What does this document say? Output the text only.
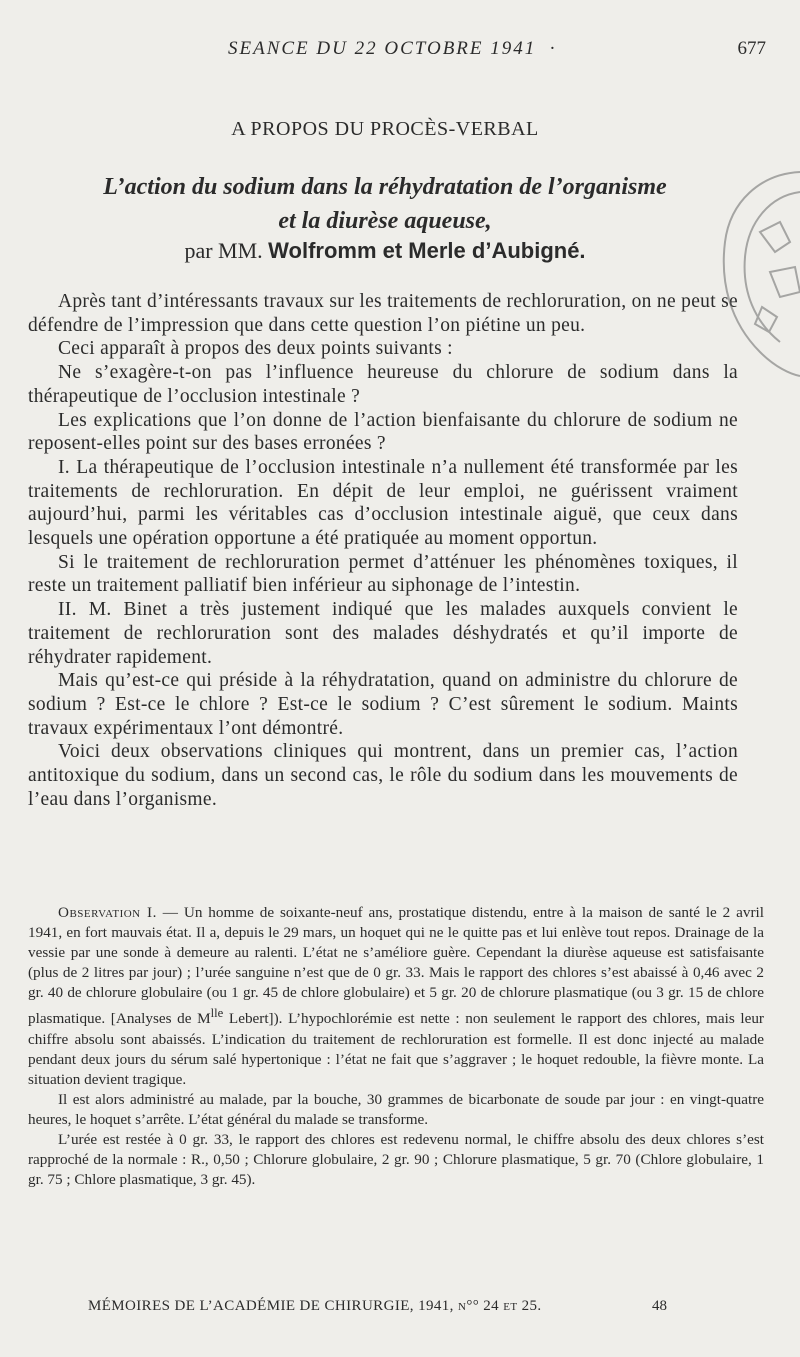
SEANCE DU 22 OCTOBRE 1941 ·	677
A PROPOS DU PROCÈS-VERBAL
L’action du sodium dans la réhydratation de l’organisme
et la diurèse aqueuse,
par MM. Wolfromm et Merle d’Aubigné.

Après tant d’intéressants travaux sur les traitements de rechloruration, on ne peut se défendre de l’impression que dans cette question l’on piétine un peu.

Ceci apparaît à propos des deux points suivants :

Ne s’exagère-t-on pas l’influence heureuse du chlorure de sodium dans la thérapeutique de l’occlusion intestinale ?

Les explications que l’on donne de l’action bienfaisante du chlorure de sodium ne reposent-elles point sur des bases erronées ?

I. La thérapeutique de l’occlusion intestinale n’a nullement été transformée par les traitements de rechloruration. En dépit de leur emploi, ne guérissent vraiment aujourd’hui, parmi les véritables cas d’occlusion intestinale aiguë, que ceux dans lesquels une opération opportune a été pratiquée au moment opportun.

Si le traitement de rechloruration permet d’atténuer les phénomènes toxiques, il reste un traitement palliatif bien inférieur au siphonage de l’intestin.

II. M. Binet a très justement indiqué que les malades auxquels convient le traitement de rechloruration sont des malades déshydratés et qu’il importe de réhydrater rapidement.

Mais qu’est-ce qui préside à la réhydratation, quand on administre du chlorure de sodium ? Est-ce le chlore ? Est-ce le sodium ? C’est sûrement le sodium. Maints travaux expérimentaux l’ont démontré.

Voici deux observations cliniques qui montrent, dans un premier cas, l’action antitoxique du sodium, dans un second cas, le rôle du sodium dans les mouvements de l’eau dans l’organisme.

Observation I. — Un homme de soixante-neuf ans, prostatique distendu, entre à la maison de santé le 2 avril 1941, en fort mauvais état. Il a, depuis le 29 mars, un hoquet qui ne le quitte pas et lui enlève tout repos. Drainage de la vessie par une sonde à demeure au ralenti. L’état ne s’améliore guère. Cependant la diurèse aqueuse est satisfaisante (plus de 2 litres par jour) ; l’urée sanguine n’est que de 0 gr. 33. Mais le rapport des chlores s’est abaissé à 0,46 avec 2 gr. 40 de chlorure globulaire (ou 1 gr. 45 de chlore globulaire) et 5 gr. 20 de chlorure plasmatique (ou 3 gr. 15 de chlore plasmatique. [Analyses de $M^{lle}$ Lebert]). L’hypochlorémie est nette : non seulement le rapport des chlores, mais leur chiffre absolu sont abaissés. L’indication du traitement de rechloruration est formelle. Il est donc injecté au malade pendant deux jours du sérum salé hypertonique : l’état ne fait que s’aggraver ; le hoquet redouble, la fièvre monte. La situation devient tragique.

Il est alors administré au malade, par la bouche, 30 grammes de bicarbonate de soude par jour : en vingt-quatre heures, le hoquet s’arrête. L’état général du malade se transforme.

L’urée est restée à 0 gr. 33, le rapport des chlores est redevenu normal, le chiffre absolu des deux chlores s’est rapproché de la normale : R., 0,50 ; Chlorure globulaire, 2 gr. 90 ; Chlorure plasmatique, 5 gr. 70 (Chlore globulaire, 1 gr. 75 ; Chlore plasmatique, 3 gr. 45).

MÉMOIRES DE L’ACADÉMIE DE CHIRURGIE, 1941, n°° 24 et 25.	48
